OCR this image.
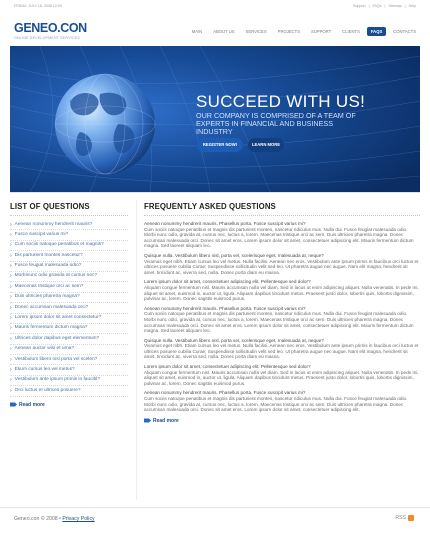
FRIDAY, JULY 18, 2008 12:00	Support | FAQs | Sitemap | Help
GENEO.CON
ONLINE DEVELOPMENT SERVICES
MAIN	ABOUT US	SERVICES	PROJECTS	SUPPORT	CLIENTS	FAQS	CONTACTS
SUCCEED WITH US!
OUR COMPANY IS COMPRISED OF A TEAM OF EXPERTS IN FINANCIAL AND BUSINESS INDUSTRY
REGISTER NOW!	LEARN MORE
LIST OF QUESTIONS
› Aenean nonummy hendrerit mauris?
› Fusce suscipit varius mi?
› Cum sociis natoque penatibus et magnis?
› Dis parturient montes nascetur?
› Fusce feugiat malesuada odio?
› Morbinunc odio gravida at cursus nec?
› Maecenas tristique orci ac sem?
› Duis ultricies pharetra magna?
› Donec accumsan malesuada orci?
› Lorem ipsum dolor sit amet consectetur?
› Mauris fermentum dictum magna?
› Ultrices dolor dapibus eget elementum?
› Aenean auctor wisi et urna?
› Vestibulum libero nisl porta vel scelen?
› Ekum cursus leo vel metus?
› Vestibulum ante ipsum primis in faucibl?
› Orci luctus et ultrices posuere?
Read more
FREQUENTLY ASKED QUESTIONS

Aenean nonummy hendrerit mauris. Phasellus porta. Fusce suscipit varius mi?

Cum sociis natoque penatibus et magnis dis parturient montes, nascetur ridiculus mus. Nulla dui. Fusce feugiat malesuada odio. Morbi nunc odio, gravida at, cursus nec, luctus a, lorem. Maecenas tristique orci ac sem. Duis ultricies pharetra magna. Donec accumsan malesuada orci. Donec sit amet eros. Lorem ipsum dolor sit amet, consectetuer adipiscing elit. Mauris fermentum dictum magna. Sed laoreet aliquam leo.

Quisque nulla. Vestibulum libero nisl, porta vel, scelerisque eget, malesuada at, neque?

Vivamus eget nibh. Etiam cursus leo vel metus. Nulla facilisi. Aenean nec eros. Vestibulum ante ipsum primis in faucibus orci luctus et ultrices posuere cubilia Curae; Suspendisse sollicitudin velit sed leo. Ut pharetra augue nec augue. Nam elit magna, hendrerit sit amet, tincidunt ac, viverra sed, nulla. Donec porta diam eu massa.

Lorem ipsum dolor sit amet, consectetuer adipiscing elit. Pellentesque sed dolor?

Aliquam congue fermentum nisl. Mauris accumsan nulla vel diam. Sed in lacus ut enim adipiscing aliquet. Nulla venenatis. In pede mi, aliquet sit amet, euismod in, auctor ut, ligula. Aliquam dapibus tincidunt metus. Praesent justo dolor, lobortis quis, lobortis dignissim, pulvinar ac, lorem. Donec sagittis euismod purus.

Aenean nonummy hendrerit mauris. Phasellus porta. Fusce suscipit varius mi?

Cum sociis natoque penatibus et magnis dis parturient montes, nascetur ridiculus mus. Nulla dui. Fusce feugiat malesuada odio. Morbi nunc odio, gravida at, cursus nec, luctus a, lorem. Maecenas tristique orci ac sem. Duis ultricies pharetra magna. Donec accumsan malesuada orci. Donec sit amet eros. Lorem ipsum dolor sit amet, consectetuer adipiscing elit. Mauris fermentum dictum magna. Sed laoreet aliquam leo.

Quisque nulla. Vestibulum libero nisl, porta vel, scelerisque eget, malesuada at, neque?

Vivamus eget nibh. Etiam cursus leo vel metus. Nulla facilisi. Aenean nec eros. Vestibulum ante ipsum primis in faucibus orci luctus et ultrices posuere cubilia Curae; Suspendisse sollicitudin velit sed leo. Ut pharetra augue nec augue. Nam elit magna, hendrerit sit amet, tincidunt ac, viverra sed, nulla. Donec porta diam eu massa.

Lorem ipsum dolor sit amet, consectetuer adipiscing elit. Pellentesque sed dolor?

Aliquam congue fermentum nisl. Mauris accumsan nulla vel diam. Sed in lacus ut enim adipiscing aliquet. Nulla venenatis. In pede mi, aliquet sit amet, euismod in, auctor ut, ligula. Aliquam dapibus tincidunt metus. Praesent justo dolor, lobortis quis, lobortis dignissim, pulvinar ac, lorem. Donec sagittis euismod purus.

Aenean nonummy hendrerit mauris. Phasellus porta. Fusce suscipit varius mi?

Cum sociis natoque penatibus et magnis dis parturient montes, nascetur ridiculus mus. Nulla dui. Fusce feugiat malesuada odio. Morbi nunc odio, gravida at, cursus nec, luctus a, lorem. Maecenas tristique orci ac sem. Duis ultricies pharetra magna. Donec accumsan malesuada orci. Donec sit amet eros. Lorem ipsum dolor sit amet, consectetuer adipiscing elit.

Read more
Geneo.con © 2008 • Privacy Policy	RSS
